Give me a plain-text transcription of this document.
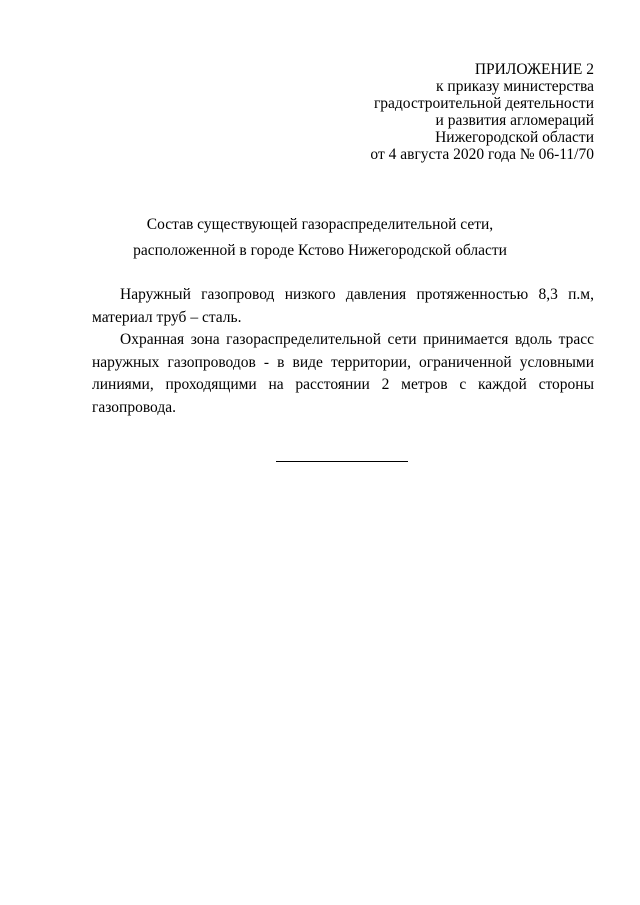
ПРИЛОЖЕНИЕ 2
к приказу министерства
градостроительной деятельности
и развития агломераций
Нижегородской области
от 4 августа 2020 года № 06-11/70
Состав существующей газораспределительной сети,
расположенной в городе Кстово Нижегородской области

Наружный газопровод низкого давления протяженностью 8,3 п.м, материал труб – сталь.

Охранная зона газораспределительной сети принимается вдоль трасс наружных газопроводов - в виде территории, ограниченной условными линиями, проходящими на расстоянии 2 метров с каждой стороны газопровода.
